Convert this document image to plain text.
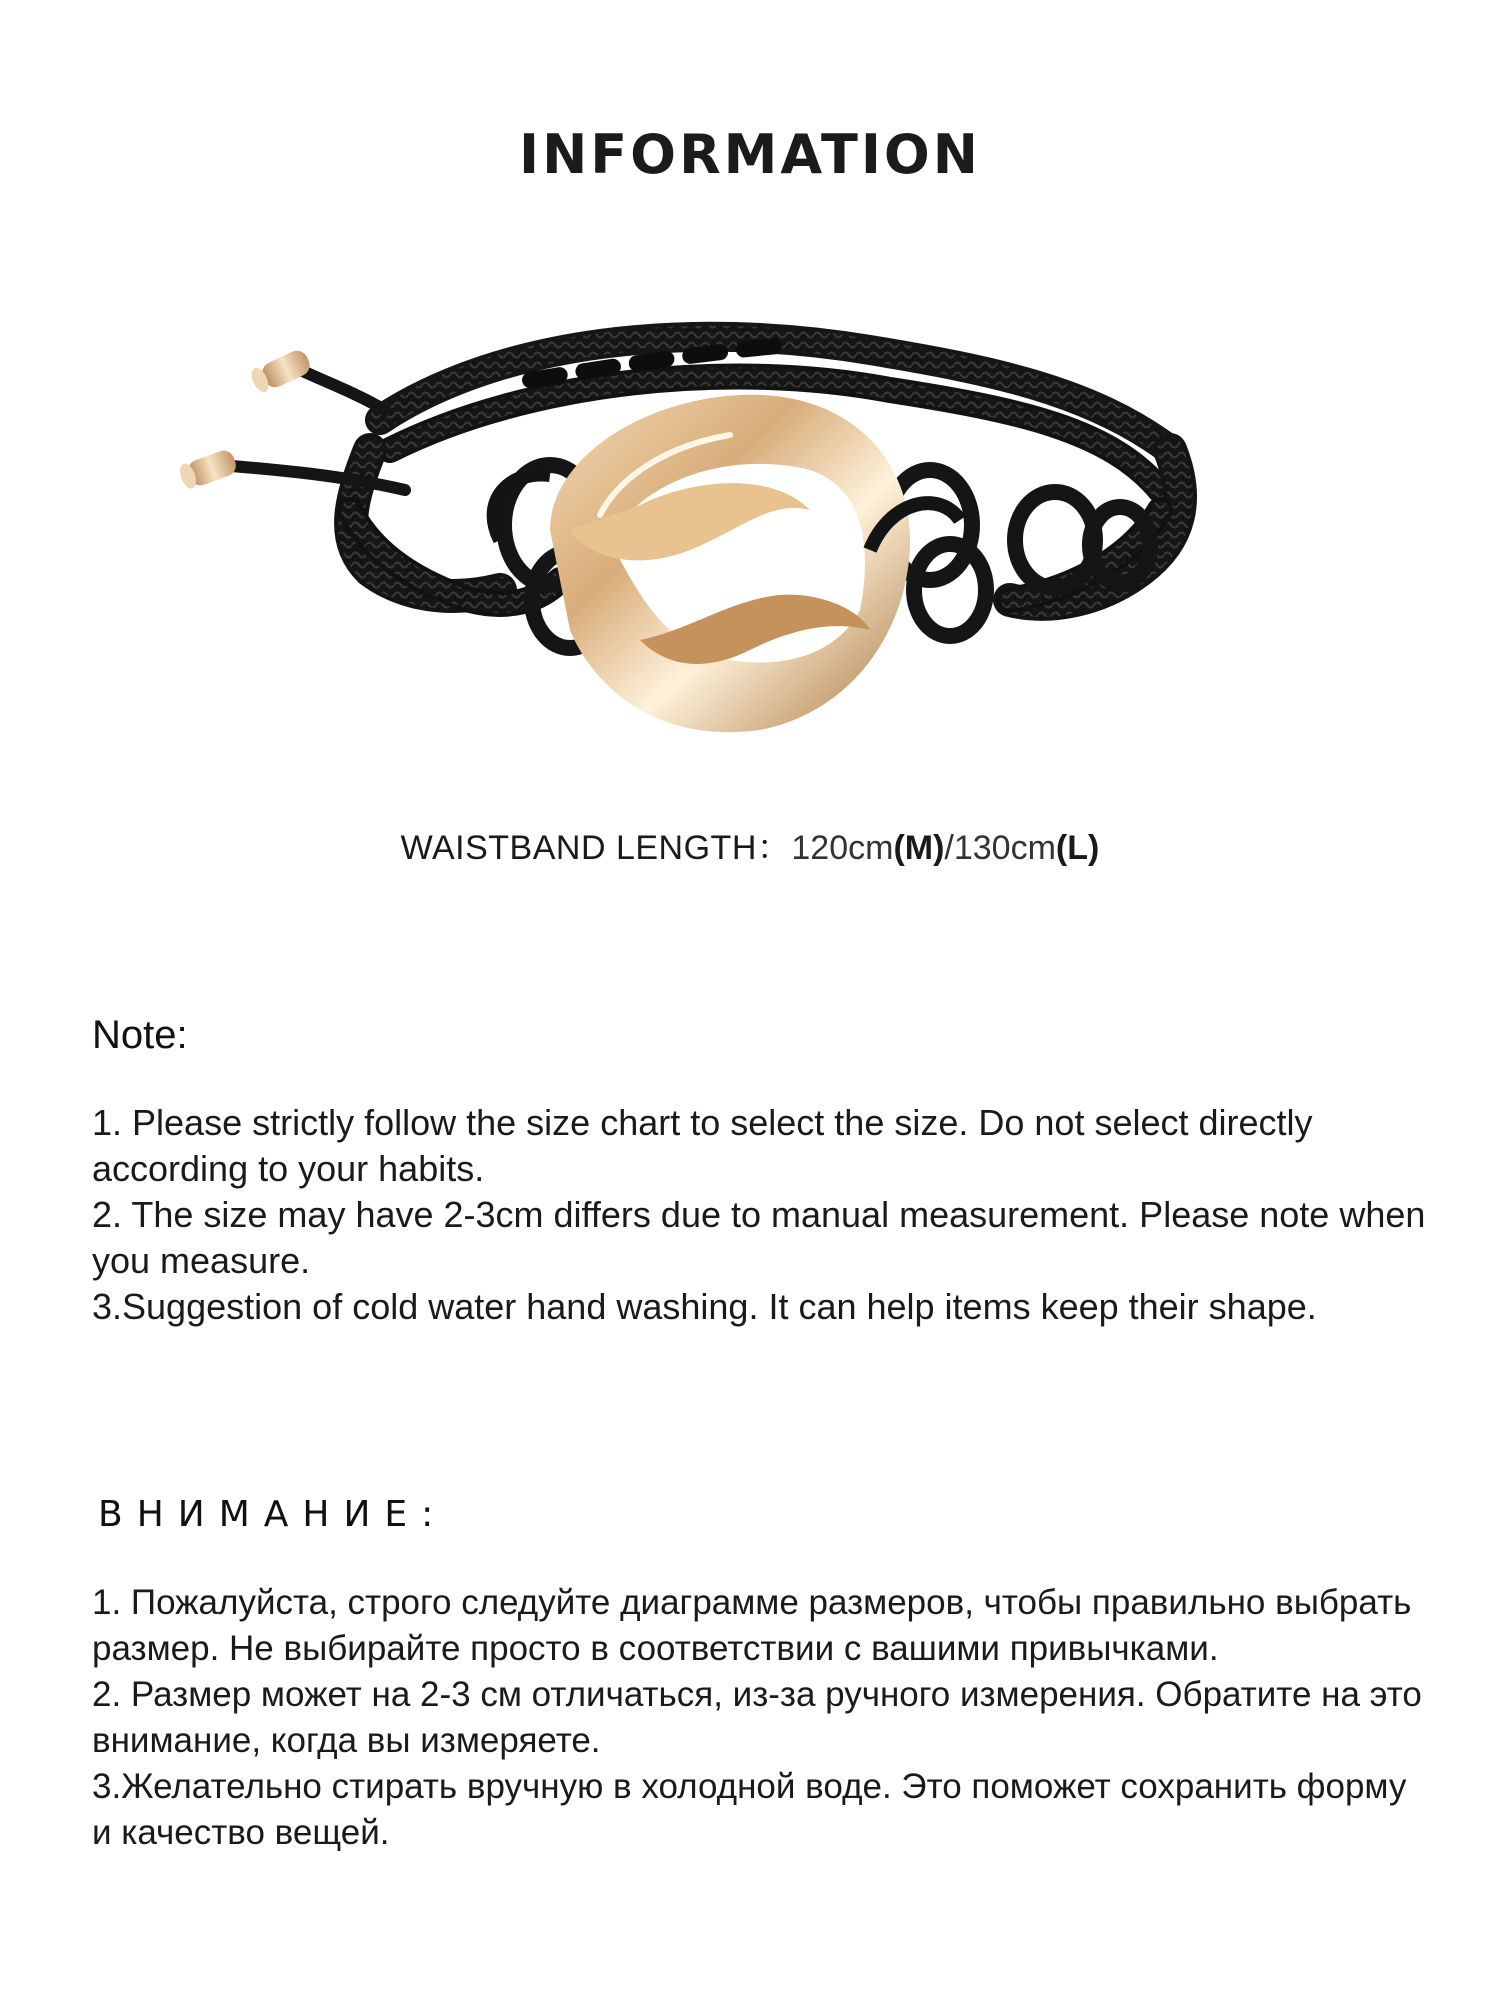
INFORMATION
WAISTBAND LENGTH：120cm(M)/130cm(L)
Note:

1. Please strictly follow the size chart to select the size. Do not select directly according to your habits.

2. The size may have 2-3cm differs due to manual measurement. Please note when you measure.

3.Suggestion of cold water hand washing. It can help items keep their shape.

ВНИМАНИЕ:

1. Пожалуйста, строго следуйте диаграмме размеров, чтобы правильно выбрать размер. Не выбирайте просто в соответствии с вашими привычками.

2. Размер может на 2-3 см отличаться, из-за ручного измерения. Обратите на это внимание, когда вы измеряете.

3.Желательно стирать вручную в холодной воде. Это поможет сохранить форму и качество вещей.
